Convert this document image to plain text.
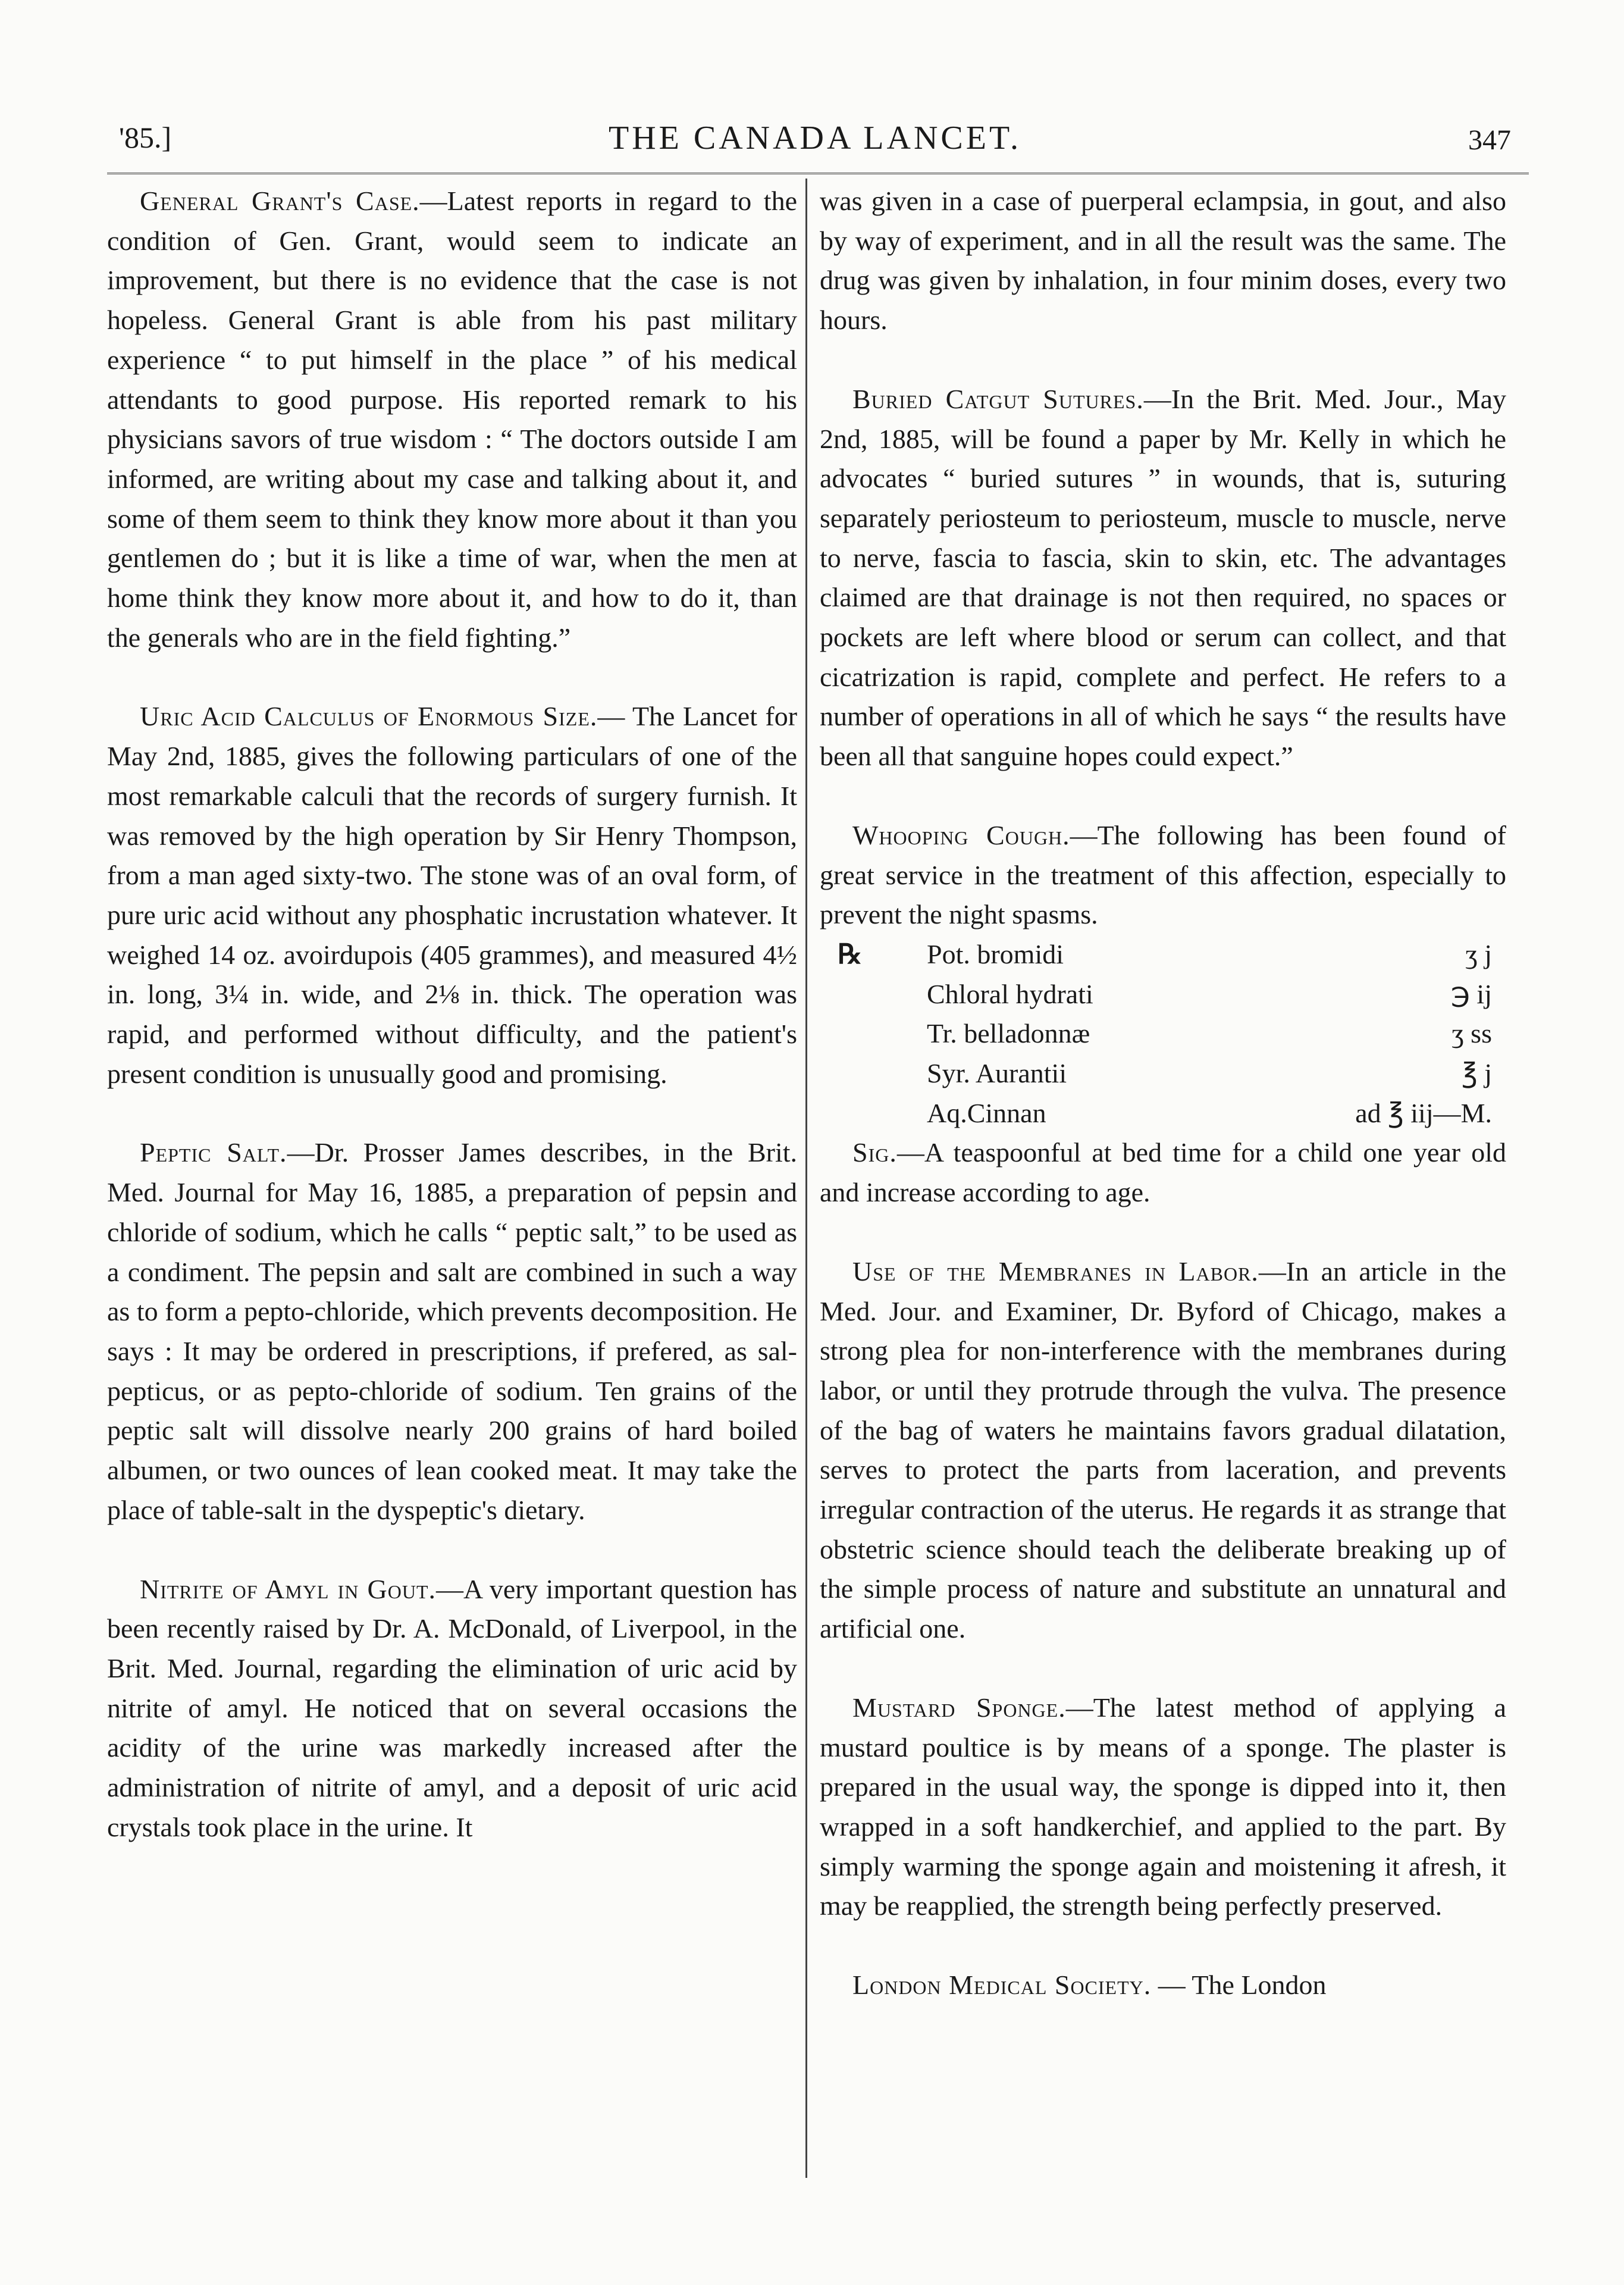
'85.]	THE CANADA LANCET.	347

General Grant's Case.—Latest reports in regard to the condition of Gen. Grant, would seem to indicate an improvement, but there is no evidence that the case is not hopeless. General Grant is able from his past military experience “ to put himself in the place ” of his medical attendants to good purpose. His reported remark to his physicians savors of true wisdom : “ The doctors outside I am informed, are writing about my case and talking about it, and some of them seem to think they know more about it than you gentlemen do ; but it is like a time of war, when the men at home think they know more about it, and how to do it, than the generals who are in the field fighting.”

Uric Acid Calculus of Enormous Size.— The Lancet for May 2nd, 1885, gives the following particulars of one of the most remarkable calculi that the records of surgery furnish. It was removed by the high operation by Sir Henry Thompson, from a man aged sixty-two. The stone was of an oval form, of pure uric acid without any phosphatic incrustation whatever. It weighed 14 oz. avoirdupois (405 grammes), and measured 4½ in. long, 3¼ in. wide, and 2⅛ in. thick. The operation was rapid, and performed without difficulty, and the patient's present condition is unusually good and promising.

Peptic Salt.—Dr. Prosser James describes, in the Brit. Med. Journal for May 16, 1885, a preparation of pepsin and chloride of sodium, which he calls “ peptic salt,” to be used as a condiment. The pepsin and salt are combined in such a way as to form a pepto-chloride, which prevents decomposition. He says : It may be ordered in prescriptions, if prefered, as sal-pepticus, or as pepto-chloride of sodium. Ten grains of the peptic salt will dissolve nearly 200 grains of hard boiled albumen, or two ounces of lean cooked meat. It may take the place of table-salt in the dyspeptic's dietary.

Nitrite of Amyl in Gout.—A very important question has been recently raised by Dr. A. McDonald, of Liverpool, in the Brit. Med. Journal, regarding the elimination of uric acid by nitrite of amyl. He noticed that on several occasions the acidity of the urine was markedly increased after the administration of nitrite of amyl, and a deposit of uric acid crystals took place in the urine. It

was given in a case of puerperal eclampsia, in gout, and also by way of experiment, and in all the result was the same. The drug was given by inhalation, in four minim doses, every two hours.

Buried Catgut Sutures.—In the Brit. Med. Jour., May 2nd, 1885, will be found a paper by Mr. Kelly in which he advocates “ buried sutures ” in wounds, that is, suturing separately periosteum to periosteum, muscle to muscle, nerve to nerve, fascia to fascia, skin to skin, etc. The advantages claimed are that drainage is not then required, no spaces or pockets are left where blood or serum can collect, and that cicatrization is rapid, complete and perfect. He refers to a number of operations in all of which he says “ the results have been all that sanguine hopes could expect.”

Whooping Cough.—The following has been found of great service in the treatment of this affection, especially to prevent the night spasms.

℞	Pot. bromidi	ʒ j
Chloral hydrati	℈ ij
Tr. belladonnæ	ʒ ss
Syr. Aurantii	℥ j
Aq.Cinnan	ad ℥ iij—M.

Sig.—A teaspoonful at bed time for a child one year old and increase according to age.

Use of the Membranes in Labor.—In an article in the Med. Jour. and Examiner, Dr. Byford of Chicago, makes a strong plea for non-interference with the membranes during labor, or until they protrude through the vulva. The presence of the bag of waters he maintains favors gradual dilatation, serves to protect the parts from laceration, and prevents irregular contraction of the uterus. He regards it as strange that obstetric science should teach the deliberate breaking up of the simple process of nature and substitute an unnatural and artificial one.

Mustard Sponge.—The latest method of applying a mustard poultice is by means of a sponge. The plaster is prepared in the usual way, the sponge is dipped into it, then wrapped in a soft handkerchief, and applied to the part. By simply warming the sponge again and moistening it afresh, it may be reapplied, the strength being perfectly preserved.

London Medical Society. — The London
